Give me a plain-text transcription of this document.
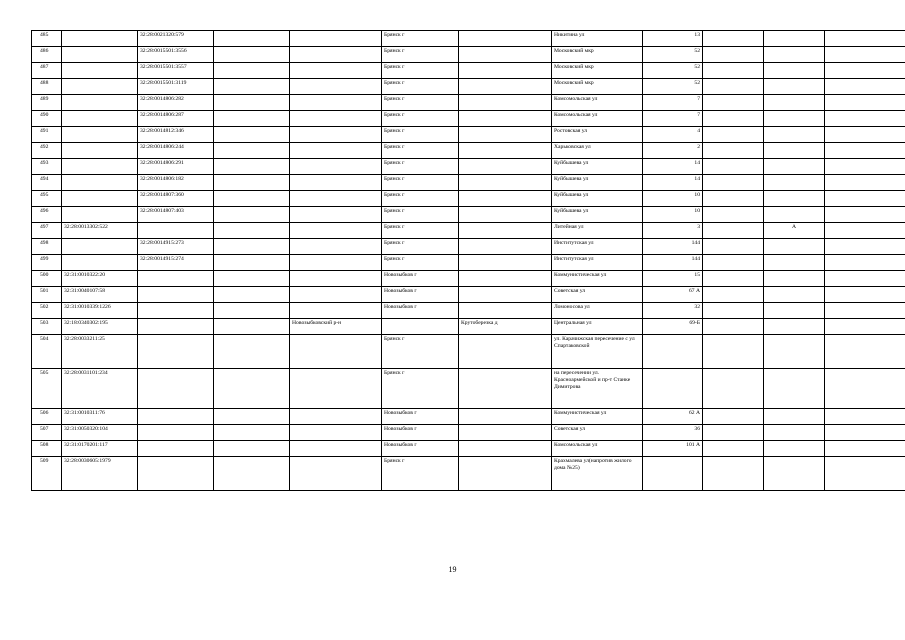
485		32:28:0021320:579			Брянск г		Никитина ул	13			
486		32:28:0015501:3556			Брянск г		Московский мкр	52			
487		32:28:0015501:3557			Брянск г		Московский мкр	52			
488		32:28:0015501:3119			Брянск г		Московский мкр	52			
489		32:28:0014806:282			Брянск г		Комсомольская ул	7			
490		32:28:0014806:287			Брянск г		Комсомольская ул	7			
491		32:28:0014812:346			Брянск г		Ростовская ул	4			
492		32:28:0014806:244			Брянск г		Харьковская ул	2			
493		32:28:0014806:291			Брянск г		Куйбышева ул	14			
494		32:28:0014806:182			Брянск г		Куйбышева ул	14			
495		32:28:0014807:360			Брянск г		Куйбышева ул	10			
496		32:28:0014807:403			Брянск г		Куйбышева ул	10			
497	32:28:0013302:522				Брянск г		Литейная ул	3		А	
498		32:28:0014915:273			Брянск г		Институтская ул	144			
499		32:28:0014915:274			Брянск г		Институтская ул	144			
500	32:31:0010322:20				Новозыбков г		Коммунистическая ул	15			
501	32:31:0040107:58				Новозыбков г		Советская ул	67 А			
502	32:31:0010339:1226				Новозыбков г		Ломоносова ул	32			
503	32:18:0340302:195			Новозыбковский р-н		Крутоберезка д	Центральная ул	69-Б			
504	32:28:0033211:25				Брянск г		ул. Карачижская пересечение с ул Спартаковской				
505	32:28:0031101:234				Брянск г		на пересечении ул. Красноармейской и пр-т Станке Димитрова				
506	32:31:0010311:76				Новозыбков г		Коммунистическая ул	62 А			
507	32:31:0050320:104				Новозыбков г		Советская ул	36			
508	32:31:0170201:117				Новозыбков г		Комсомольская ул	101 А			
509	32:28:0030605:1979				Брянск г		Крахмалева ул(напротив жилого дома №25)				
19
